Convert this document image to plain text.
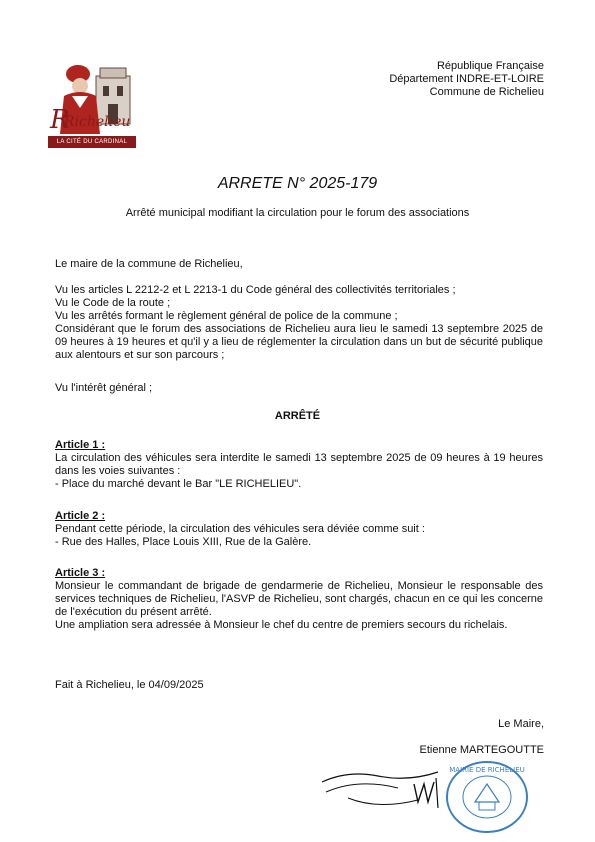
R
Richelieu
LA CITÉ DU CARDINAL
République Française
Département INDRE-ET-LOIRE
Commune de Richelieu
ARRETE N° 2025-179
Arrêté municipal modifiant la circulation pour le forum des associations
Le maire de la commune de Richelieu,

Vu les articles L 2212-2 et L 2213-1 du Code général des collectivités territoriales ;

Vu le Code de la route ;

Vu les arrêtés formant le règlement général de police de la commune ;

Considérant que le forum des associations de Richelieu aura lieu le samedi 13 septembre 2025 de 09 heures à 19 heures et qu'il y a lieu de réglementer la circulation dans un but de sécurité publique aux alentours et sur son parcours ;

Vu l'intérêt général ;
ARRÊTÉ

Article 1 :

La circulation des véhicules sera interdite le samedi 13 septembre 2025 de 09 heures à 19 heures dans les voies suivantes :

- Place du marché devant le Bar "LE RICHELIEU".

Article 2 :

Pendant cette période, la circulation des véhicules sera déviée comme suit :

- Rue des Halles, Place Louis XIII, Rue de la Galère.

Article 3 :

Monsieur le commandant de brigade de gendarmerie de Richelieu, Monsieur le responsable des services techniques de Richelieu, l'ASVP de Richelieu, sont chargés, chacun en ce qui les concerne de l'exécution du présent arrêté.

Une ampliation sera adressée à Monsieur le chef du centre de premiers secours du richelais.

Fait à Richelieu, le 04/09/2025
Le Maire,
Etienne MARTEGOUTTE
MAIRIE DE RICHELIEU
